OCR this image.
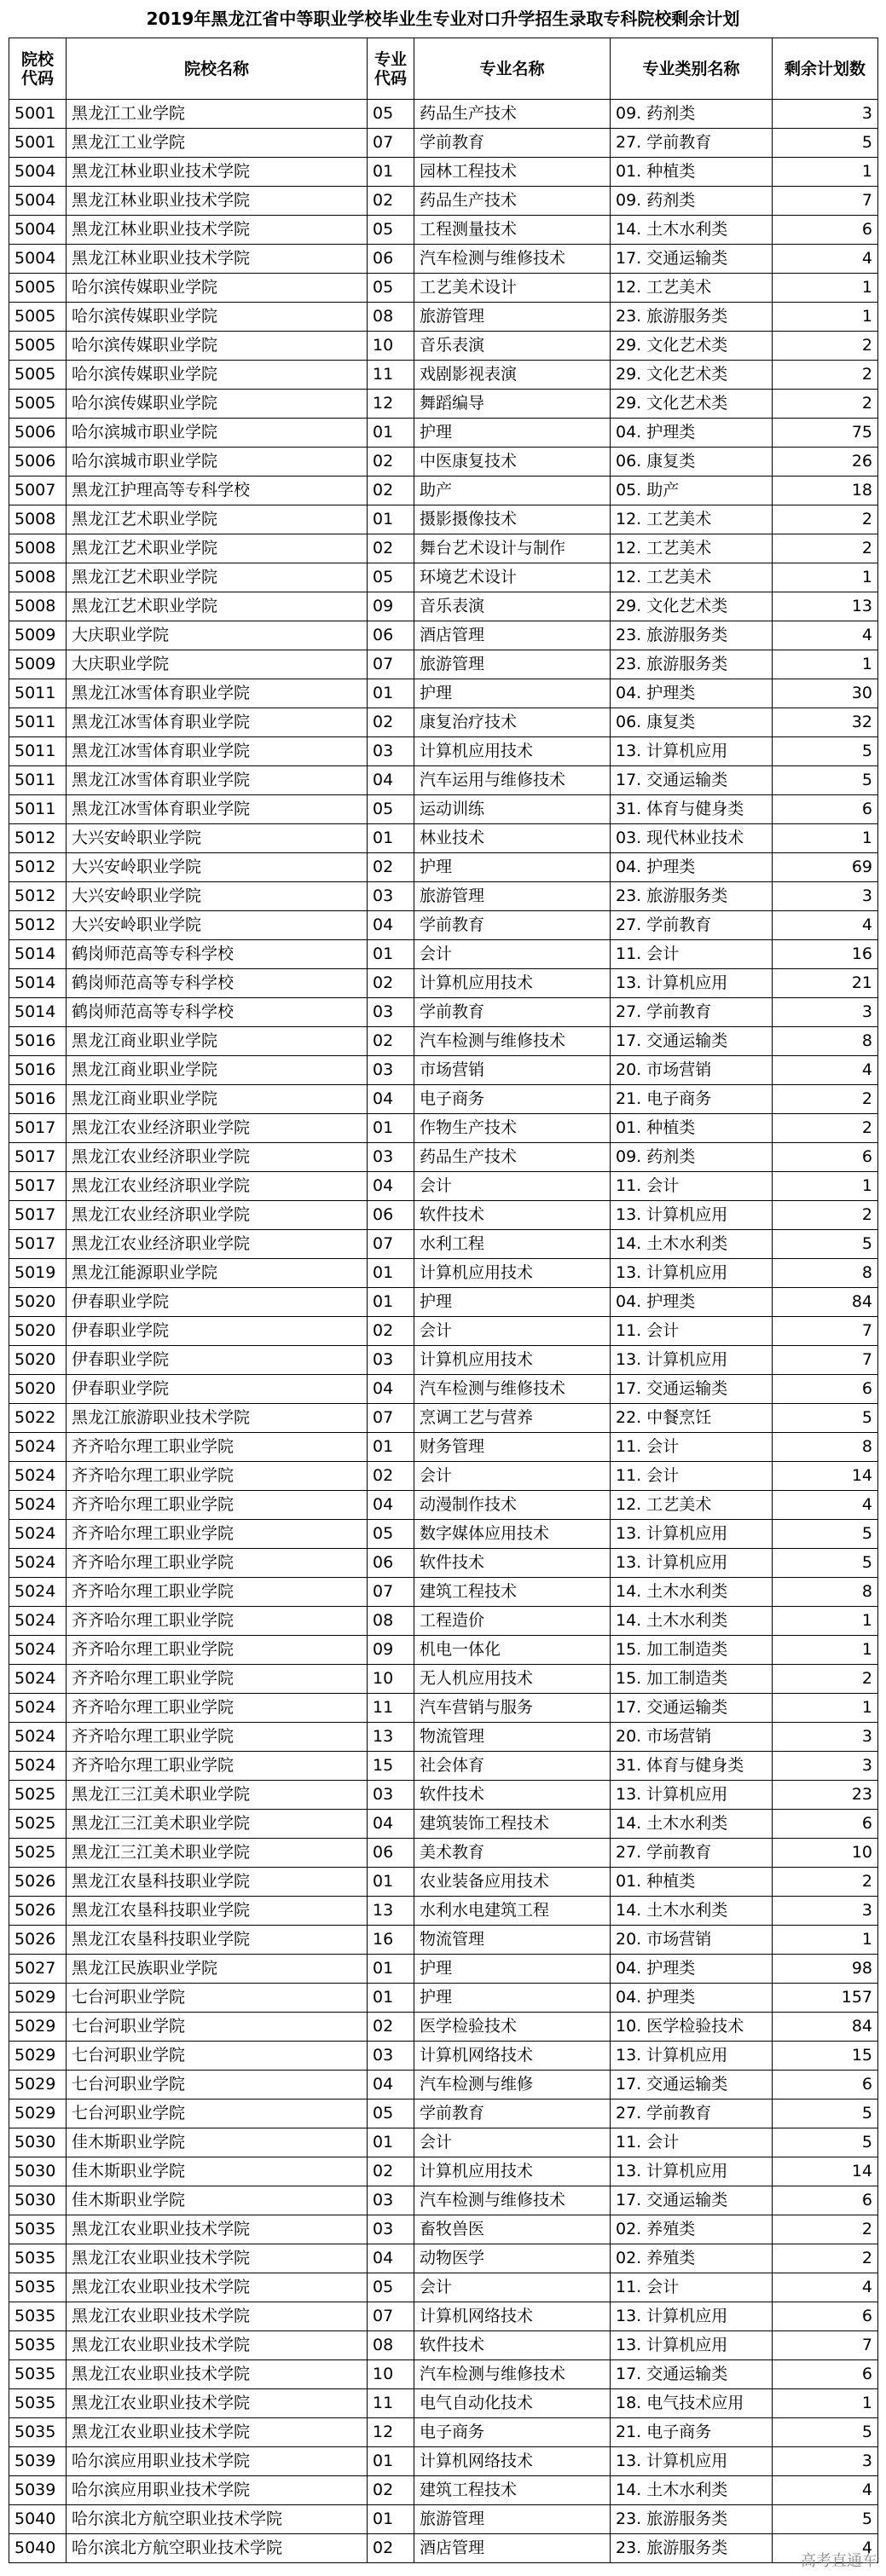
2019年黑龙江省中等职业学校毕业生专业对口升学招生录取专科院校剩余计划
院校代码	院校名称	专业代码	专业名称	专业类别名称	剩余计划数
5001	黑龙江工业学院	05	药品生产技术	09. 药剂类	3
5001	黑龙江工业学院	07	学前教育	27. 学前教育	5
5004	黑龙江林业职业技术学院	01	园林工程技术	01. 种植类	1
5004	黑龙江林业职业技术学院	02	药品生产技术	09. 药剂类	7
5004	黑龙江林业职业技术学院	05	工程测量技术	14. 土木水利类	6
5004	黑龙江林业职业技术学院	06	汽车检测与维修技术	17. 交通运输类	4
5005	哈尔滨传媒职业学院	05	工艺美术设计	12. 工艺美术	1
5005	哈尔滨传媒职业学院	08	旅游管理	23. 旅游服务类	1
5005	哈尔滨传媒职业学院	10	音乐表演	29. 文化艺术类	2
5005	哈尔滨传媒职业学院	11	戏剧影视表演	29. 文化艺术类	2
5005	哈尔滨传媒职业学院	12	舞蹈编导	29. 文化艺术类	2
5006	哈尔滨城市职业学院	01	护理	04. 护理类	75
5006	哈尔滨城市职业学院	02	中医康复技术	06. 康复类	26
5007	黑龙江护理高等专科学校	02	助产	05. 助产	18
5008	黑龙江艺术职业学院	01	摄影摄像技术	12. 工艺美术	2
5008	黑龙江艺术职业学院	02	舞台艺术设计与制作	12. 工艺美术	2
5008	黑龙江艺术职业学院	05	环境艺术设计	12. 工艺美术	1
5008	黑龙江艺术职业学院	09	音乐表演	29. 文化艺术类	13
5009	大庆职业学院	06	酒店管理	23. 旅游服务类	4
5009	大庆职业学院	07	旅游管理	23. 旅游服务类	1
5011	黑龙江冰雪体育职业学院	01	护理	04. 护理类	30
5011	黑龙江冰雪体育职业学院	02	康复治疗技术	06. 康复类	32
5011	黑龙江冰雪体育职业学院	03	计算机应用技术	13. 计算机应用	5
5011	黑龙江冰雪体育职业学院	04	汽车运用与维修技术	17. 交通运输类	5
5011	黑龙江冰雪体育职业学院	05	运动训练	31. 体育与健身类	6
5012	大兴安岭职业学院	01	林业技术	03. 现代林业技术	1
5012	大兴安岭职业学院	02	护理	04. 护理类	69
5012	大兴安岭职业学院	03	旅游管理	23. 旅游服务类	3
5012	大兴安岭职业学院	04	学前教育	27. 学前教育	4
5014	鹤岗师范高等专科学校	01	会计	11. 会计	16
5014	鹤岗师范高等专科学校	02	计算机应用技术	13. 计算机应用	21
5014	鹤岗师范高等专科学校	03	学前教育	27. 学前教育	3
5016	黑龙江商业职业学院	02	汽车检测与维修技术	17. 交通运输类	8
5016	黑龙江商业职业学院	03	市场营销	20. 市场营销	4
5016	黑龙江商业职业学院	04	电子商务	21. 电子商务	2
5017	黑龙江农业经济职业学院	01	作物生产技术	01. 种植类	2
5017	黑龙江农业经济职业学院	03	药品生产技术	09. 药剂类	6
5017	黑龙江农业经济职业学院	04	会计	11. 会计	1
5017	黑龙江农业经济职业学院	06	软件技术	13. 计算机应用	2
5017	黑龙江农业经济职业学院	07	水利工程	14. 土木水利类	5
5019	黑龙江能源职业学院	01	计算机应用技术	13. 计算机应用	8
5020	伊春职业学院	01	护理	04. 护理类	84
5020	伊春职业学院	02	会计	11. 会计	7
5020	伊春职业学院	03	计算机应用技术	13. 计算机应用	7
5020	伊春职业学院	04	汽车检测与维修技术	17. 交通运输类	6
5022	黑龙江旅游职业技术学院	07	烹调工艺与营养	22. 中餐烹饪	5
5024	齐齐哈尔理工职业学院	01	财务管理	11. 会计	8
5024	齐齐哈尔理工职业学院	02	会计	11. 会计	14
5024	齐齐哈尔理工职业学院	04	动漫制作技术	12. 工艺美术	4
5024	齐齐哈尔理工职业学院	05	数字媒体应用技术	13. 计算机应用	5
5024	齐齐哈尔理工职业学院	06	软件技术	13. 计算机应用	5
5024	齐齐哈尔理工职业学院	07	建筑工程技术	14. 土木水利类	8
5024	齐齐哈尔理工职业学院	08	工程造价	14. 土木水利类	1
5024	齐齐哈尔理工职业学院	09	机电一体化	15. 加工制造类	1
5024	齐齐哈尔理工职业学院	10	无人机应用技术	15. 加工制造类	2
5024	齐齐哈尔理工职业学院	11	汽车营销与服务	17. 交通运输类	1
5024	齐齐哈尔理工职业学院	13	物流管理	20. 市场营销	3
5024	齐齐哈尔理工职业学院	15	社会体育	31. 体育与健身类	3
5025	黑龙江三江美术职业学院	03	软件技术	13. 计算机应用	23
5025	黑龙江三江美术职业学院	04	建筑装饰工程技术	14. 土木水利类	6
5025	黑龙江三江美术职业学院	06	美术教育	27. 学前教育	10
5026	黑龙江农垦科技职业学院	01	农业装备应用技术	01. 种植类	2
5026	黑龙江农垦科技职业学院	13	水利水电建筑工程	14. 土木水利类	3
5026	黑龙江农垦科技职业学院	16	物流管理	20. 市场营销	1
5027	黑龙江民族职业学院	01	护理	04. 护理类	98
5029	七台河职业学院	01	护理	04. 护理类	157
5029	七台河职业学院	02	医学检验技术	10. 医学检验技术	84
5029	七台河职业学院	03	计算机网络技术	13. 计算机应用	15
5029	七台河职业学院	04	汽车检测与维修	17. 交通运输类	6
5029	七台河职业学院	05	学前教育	27. 学前教育	5
5030	佳木斯职业学院	01	会计	11. 会计	5
5030	佳木斯职业学院	02	计算机应用技术	13. 计算机应用	14
5030	佳木斯职业学院	03	汽车检测与维修技术	17. 交通运输类	6
5035	黑龙江农业职业技术学院	03	畜牧兽医	02. 养殖类	2
5035	黑龙江农业职业技术学院	04	动物医学	02. 养殖类	2
5035	黑龙江农业职业技术学院	05	会计	11. 会计	4
5035	黑龙江农业职业技术学院	07	计算机网络技术	13. 计算机应用	6
5035	黑龙江农业职业技术学院	08	软件技术	13. 计算机应用	7
5035	黑龙江农业职业技术学院	10	汽车检测与维修技术	17. 交通运输类	6
5035	黑龙江农业职业技术学院	11	电气自动化技术	18. 电气技术应用	1
5035	黑龙江农业职业技术学院	12	电子商务	21. 电子商务	5
5039	哈尔滨应用职业技术学院	01	计算机网络技术	13. 计算机应用	3
5039	哈尔滨应用职业技术学院	02	建筑工程技术	14. 土木水利类	4
5040	哈尔滨北方航空职业技术学院	01	旅游管理	23. 旅游服务类	5
5040	哈尔滨北方航空职业技术学院	02	酒店管理	23. 旅游服务类	4
高考直通车
